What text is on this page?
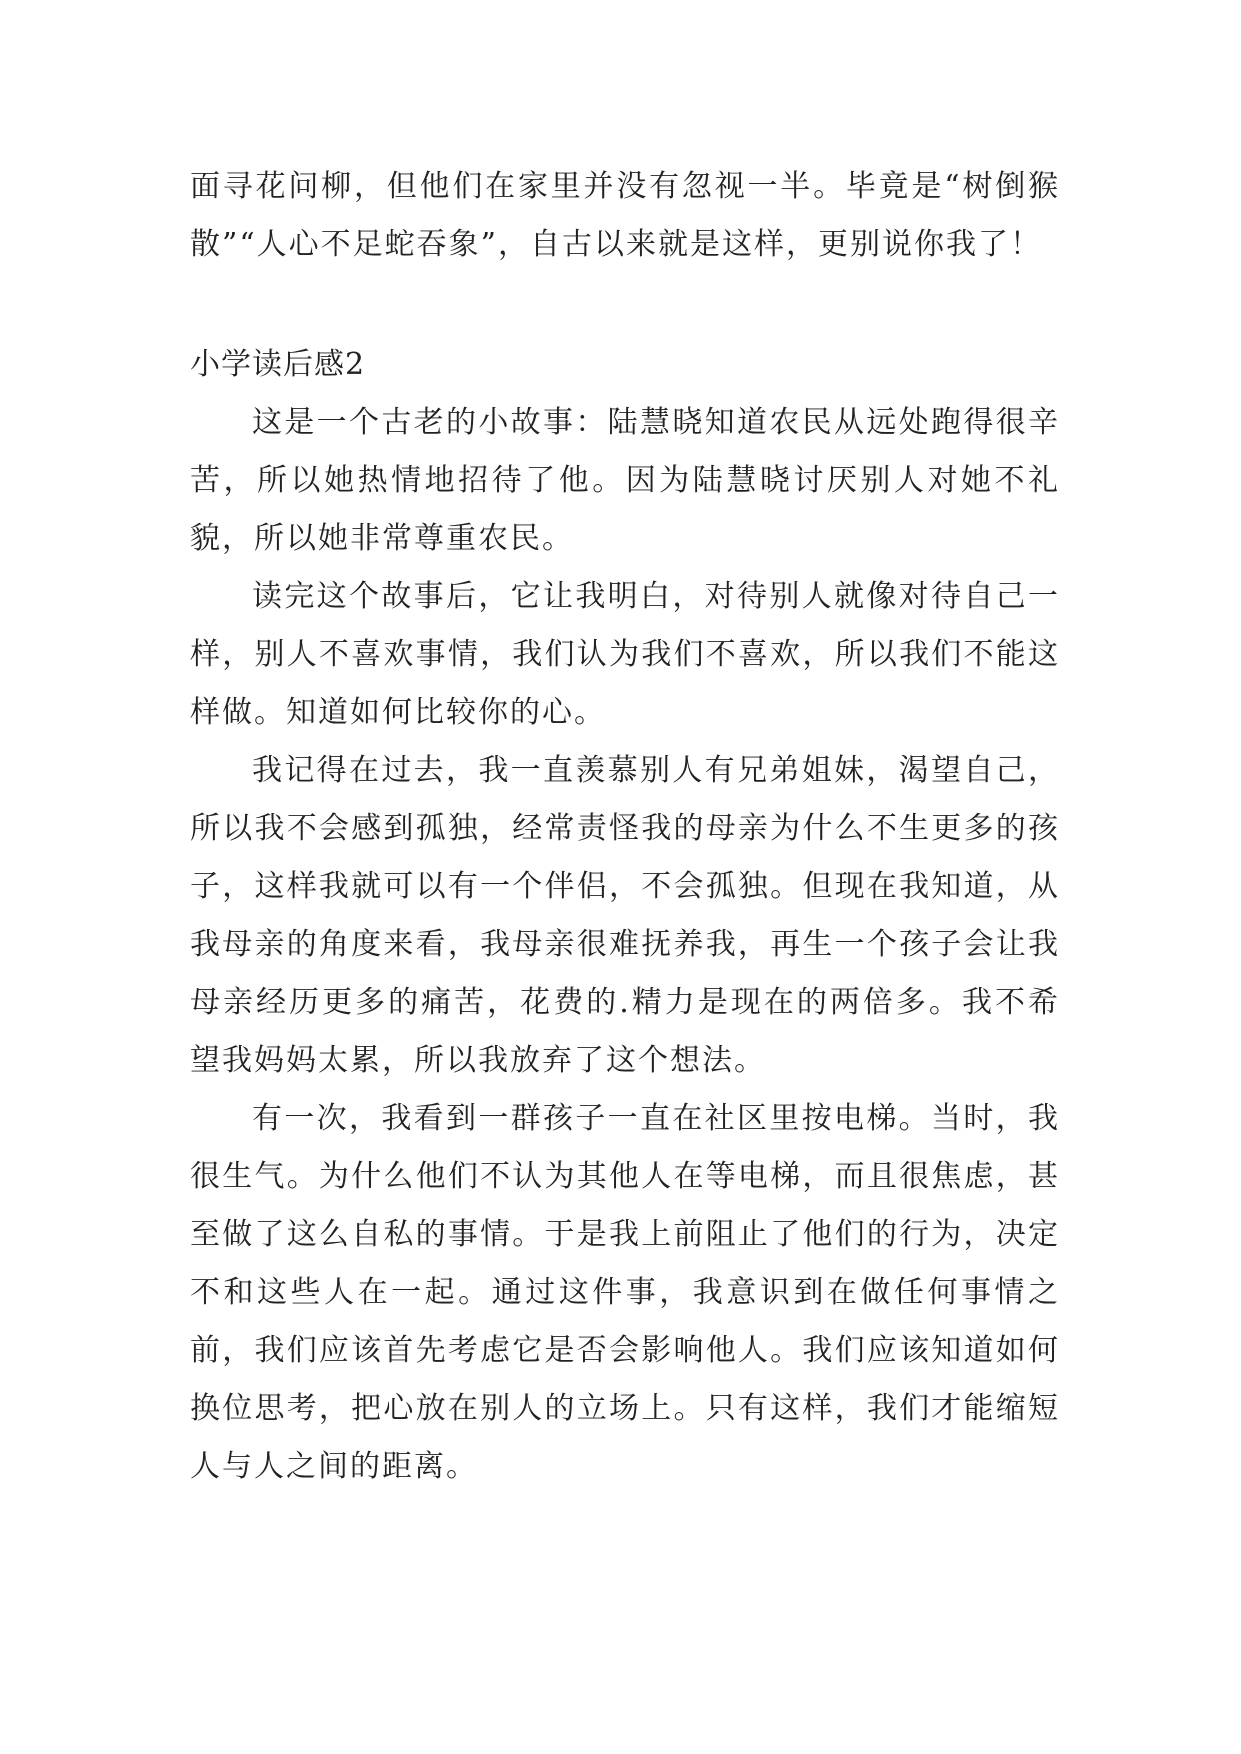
面寻花问柳，但他们在家里并没有忽视一半。毕竟是“树倒猴散”“人心不足蛇吞象”，自古以来就是这样，更别说你我了！

小学读后感2

这是一个古老的小故事：陆慧晓知道农民从远处跑得很辛苦，所以她热情地招待了他。因为陆慧晓讨厌别人对她不礼貌，所以她非常尊重农民。

读完这个故事后，它让我明白，对待别人就像对待自己一样，别人不喜欢事情，我们认为我们不喜欢，所以我们不能这样做。知道如何比较你的心。

我记得在过去，我一直羡慕别人有兄弟姐妹，渴望自己，所以我不会感到孤独，经常责怪我的母亲为什么不生更多的孩子，这样我就可以有一个伴侣，不会孤独。但现在我知道，从我母亲的角度来看，我母亲很难抚养我，再生一个孩子会让我母亲经历更多的痛苦，花费的.精力是现在的两倍多。我不希望我妈妈太累，所以我放弃了这个想法。

有一次，我看到一群孩子一直在社区里按电梯。当时，我很生气。为什么他们不认为其他人在等电梯，而且很焦虑，甚至做了这么自私的事情。于是我上前阻止了他们的行为，决定不和这些人在一起。通过这件事，我意识到在做任何事情之前，我们应该首先考虑它是否会影响他人。我们应该知道如何换位思考，把心放在别人的立场上。只有这样，我们才能缩短人与人之间的距离。
